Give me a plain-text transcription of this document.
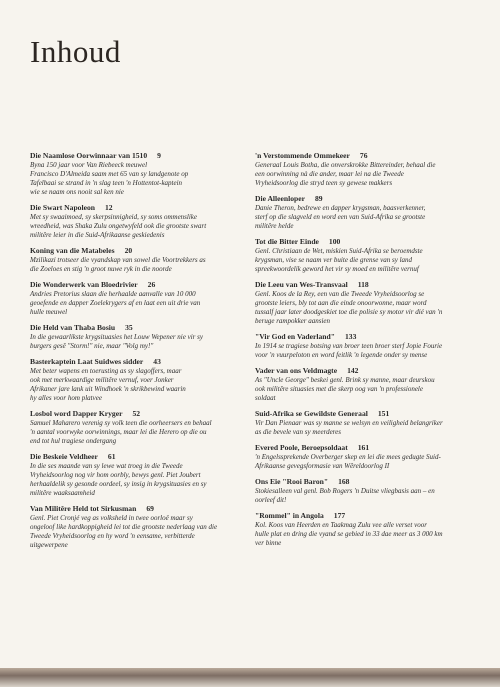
Inhoud
Die Naamlose Oorwinnaar van 1510 9
Byna 150 jaar voor Van Riebeeck meuwel
Francisco D'Almeida saam met 65 van sy landgenote op
Tafelbaai se strand in 'n slag teen 'n Hottentot-kaptein
wie se naam ons nooit sal ken nie
Die Swart Napoleon 12
Met sy swaaimoed, sy skerpsinnigheid, sy soms ommenslike
wreedheid, was Shaka Zulu ongetwyfeld ook die grootste swart
militêre leier in die Suid-Afrikaanse geskiedenis
Koning van die Matabeles 20
Mzilikazi trotseer die vyandskap van sowel die Voortrekkers as
die Zoeloes en stig 'n groot nuwe ryk in die noorde
Die Wonderwerk van Bloedrivier 26
Andries Pretorius slaan die herhaalde aanvalle van 10 000
geoefende en dapper Zoelekrygers af en laat een uit drie van
hulle meuwel
Die Held van Thaba Bosiu 35
In die gewaarlikste krygsituasies het Louw Wepener nie vir sy
burgers gesê "Storm!" nie, maar "Volg my!"
Basterkaptein Laat Suidwes sidder 43
Met beter wapens en toerusting as sy slagoffers, maar
ook met merkwaardige militêre vernuf, voer Jonker
Afrikaner jare lank uit Windhoek 'n skrikbewind waarin
hy alles voor hom platvee
Losbol word Dapper Kryger 52
Samuel Maharero verenig sy volk teen die oorheersers en behaal
'n aantal voorwyke oorwinnings, maar lei die Herero op die ou
end tot hul tragiese ondergang
Die Beskeie Veldheer 61
In die ses maande van sy lewe wat troeg in die Tweede
Vryheidsoorlog nog vir hom oorbly, bewys genl. Piet Joubert
herhaaldelik sy gesonde oordeel, sy insig in krygsituasies en sy
militêre waaksaamheid
Van Militêre Held tot Sirkusman 69
Genl. Piet Cronjé veg as volksheld in twee oorloë maar sy
ongeloof like hardkoppigheid lei tot die grootste nederlaag van die
Tweede Vryheidsoorlog en hy word 'n eensame, verbitterde
uitgewerpene
'n Verstommende Ommekeer 76
Generaal Louis Botha, die onverskrokke Bittereinder, behaal die
een oorwinning nà die ander, maar lei na die Tweede
Vryheidsoorlog die stryd teen sy gewese makkers
Die Alleenloper 89
Danie Theron, bedrewe en dapper krygsman, baasverkenner,
sterf op die slagveld en word een van Suid-Afrika se grootste
militêre helde
Tot die Bitter Einde 100
Genl. Christiaan de Wet, miskien Suid-Afrika se beroemdste
krygsman, vise se naam ver buite die grense van sy land
spreekwoordelik geword het vir sy moed en militêre vernuf
Die Leeu van Wes-Transvaal 118
Genl. Koos de la Rey, een van die Tweede Vryheidsoorlog se
grootste leiers, bly tot aan die einde onoorwonne, maar word
tussalf jaar later doodgeskiet toe die polisie sy motor vir dié van 'n
beruge rampokker aansien
"Vir God en Vaderland" 133
In 1914 se tragiese botsing van broer teen broer sterf Jopie Fourie
voor 'n vuurpeloton en word feitlik 'n legende onder sy mense
Vader van ons Veldmagte 142
As "Uncle George" beskei genl. Brink sy manne, maar deurskou
ook militêre situasies met die skerp oog van 'n professionele
soldaat
Suid-Afrika se Gewildste Generaal 151
Vir Dan Pienaar was sy manne se welsyn en veiligheid belangriker
as die bevele van sy meerderes
Evered Poole, Beroepsoldaat 161
'n Engelssprekende Overberger skep en lei die mees gedugte Suid-
Afrikaanse gevegsformasie van Wêreldoorlog II
Ons Eie "Rooi Baron" 168
Stokiesalleen val genl. Bob Rogers 'n Duitse vliegbasis aan – en
oorleef dit!
"Rommel" in Angola 177
Kol. Koos van Heerden en Taakmag Zulu vee alle verset voor
hulle plat en dring die vyand se gebied in 33 dae meer as 3 000 km
ver binne
